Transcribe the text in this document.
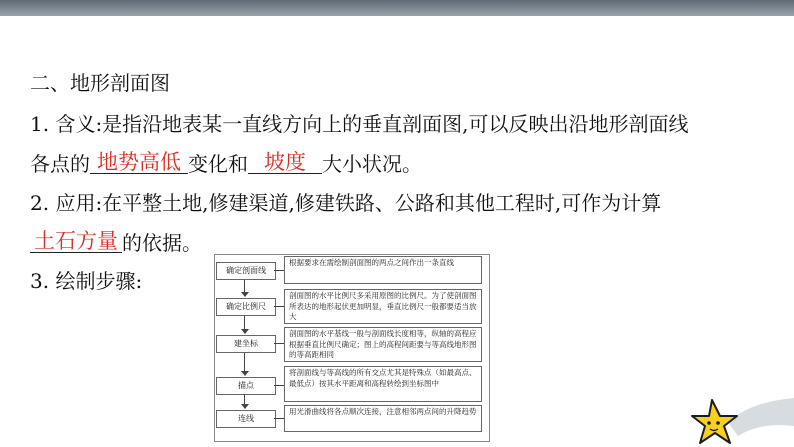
二、地形剖面图
1. 含义:是指沿地表某一直线方向上的垂直剖面图,可以反映出沿地形剖面线
各点的 地势高低 变化和 坡度 大小状况。
2. 应用:在平整土地,修建渠道,修建铁路、公路和其他工程时,可作为计算
土石方量 的依据。
3. 绘制步骤:	确定剖面线
确定比例尺
建坐标
描点
连线
根据要求在需绘制剖面图的两点之间作出一条直线
剖面图的水平比例尺多采用原图的比例尺。为了使剖面图所表达的地形起伏更加明显，垂直比例尺一般都要适当放大
剖面图的水平基线一般与剖面线长度相等，纵轴的高程应根据垂直比例尺确定；图上的高程间距要与等高线地形图的等高距相同
将剖面线与等高线的所有交点尤其是特殊点（如最高点、最低点）按其水平距离和高程转绘到坐标图中
用光滑曲线将各点顺次连接，注意相邻两点间的升降趋势
